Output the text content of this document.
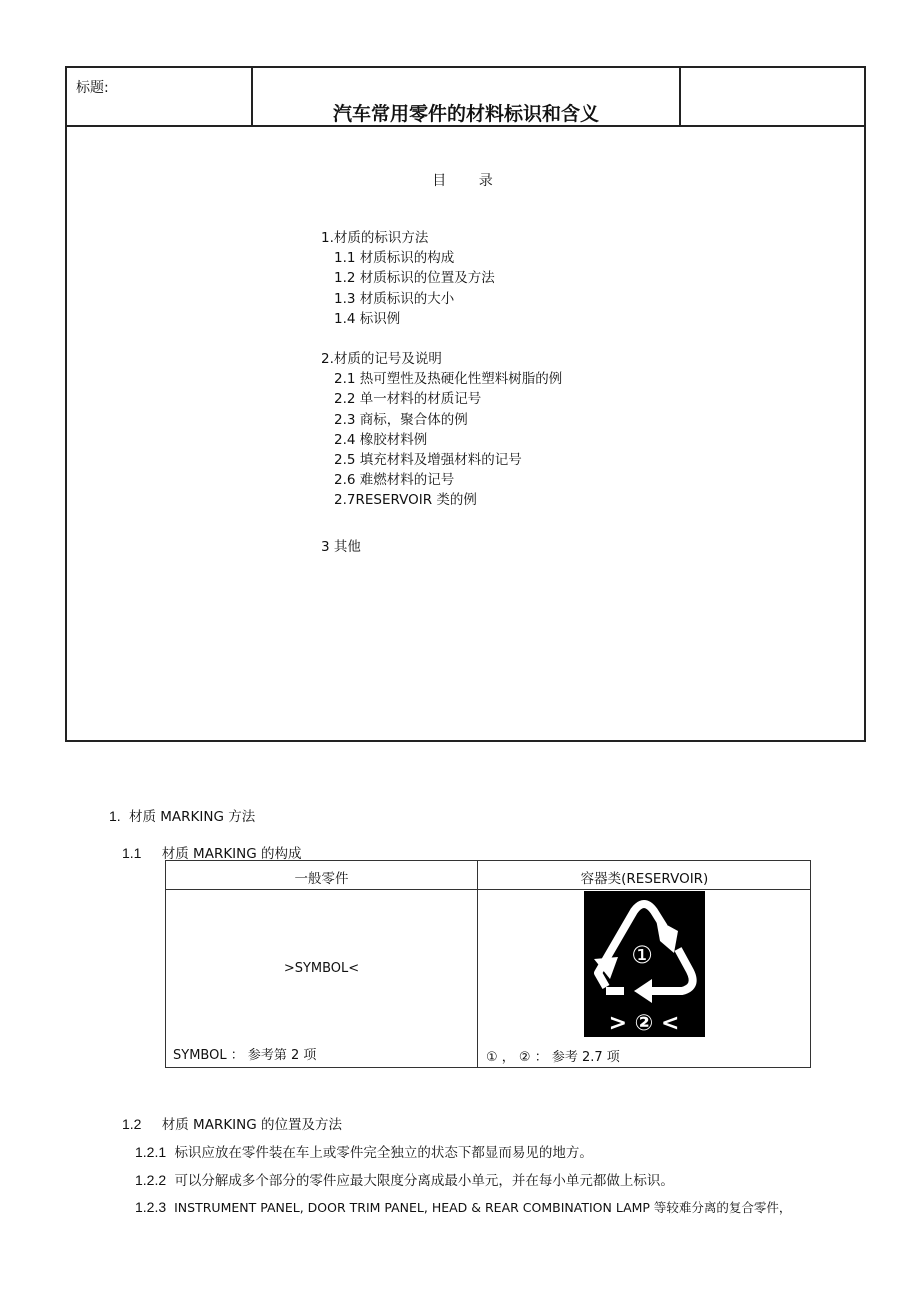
标题:
汽车常用零件的材料标识和含义
目 录
1.材质的标识方法
1.1 材质标识的构成
1.2 材质标识的位置及方法
1.3 材质标识的大小
1.4 标识例
2.材质的记号及说明
2.1 热可塑性及热硬化性塑料树脂的例
2.2 单一材料的材质记号
2.3 商标，聚合体的例
2.4 橡胶材料例
2.5 填充材料及增强材料的记号
2.6 难燃材料的记号
2.7RESERVOIR 类的例
3 其他
1. 材质 MARKING 方法
1.1 材质 MARKING 的构成
一般零件	容器类(RESERVOIR)
>SYMBOL<
SYMBOL ： 参考第 2 项
①
> ② <
① ， ② ： 参考 2.7 项
1.2 材质 MARKING 的位置及方法
1.2.1 标识应放在零件装在车上或零件完全独立的状态下都显而易见的地方。
1.2.2 可以分解成多个部分的零件应最大限度分离成最小单元，并在每小单元都做上标识。
1.2.3 INSTRUMENT PANEL, DOOR TRIM PANEL, HEAD & REAR COMBINATION LAMP 等较难分离的复合零件，
